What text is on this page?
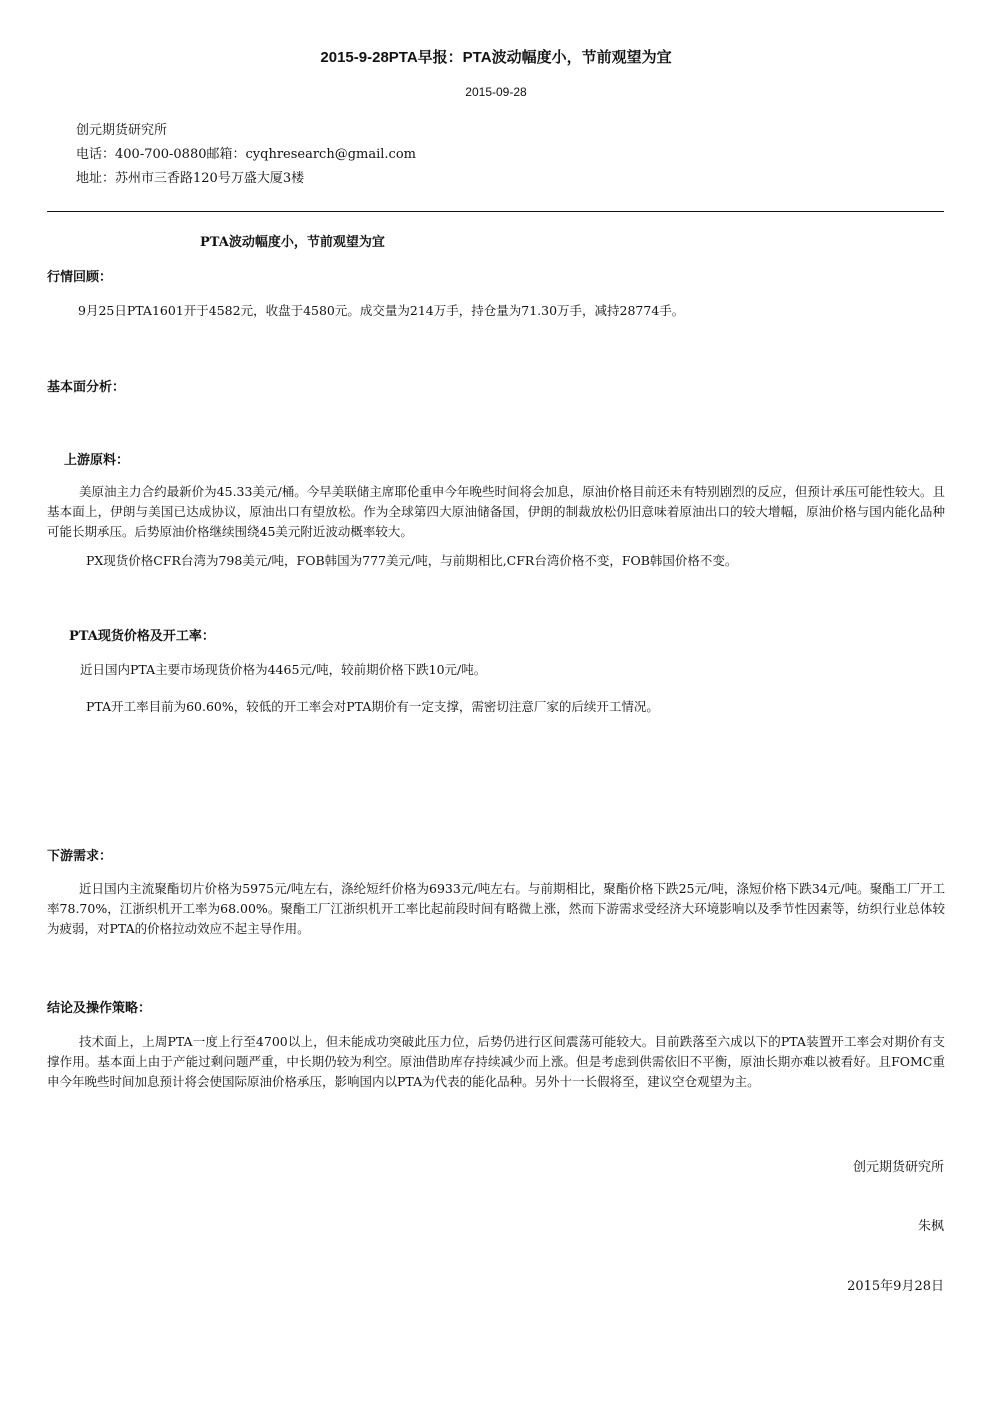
2015-9-28PTA早报：PTA波动幅度小，节前观望为宜
2015-09-28
创元期货研究所
电话：400-700-0880邮箱：cyqhresearch@gmail.com
地址：苏州市三香路120号万盛大厦3楼
PTA波动幅度小，节前观望为宜
行情回顾：
9月25日PTA1601开于4582元，收盘于4580元。成交量为214万手，持仓量为71.30万手，减持28774手。
基本面分析：
上游原料：
美原油主力合约最新价为45.33美元/桶。今早美联储主席耶伦重申今年晚些时间将会加息，原油价格目前还未有特别剧烈的反应，但预计承压可能性较大。且基本面上，伊朗与美国已达成协议，原油出口有望放松。作为全球第四大原油储备国，伊朗的制裁放松仍旧意味着原油出口的较大增幅，原油价格与国内能化品种可能长期承压。后势原油价格继续围绕45美元附近波动概率较大。
PX现货价格CFR台湾为798美元/吨，FOB韩国为777美元/吨，与前期相比,CFR台湾价格不变，FOB韩国价格不变。
PTA现货价格及开工率：
近日国内PTA主要市场现货价格为4465元/吨，较前期价格下跌10元/吨。
PTA开工率目前为60.60%，较低的开工率会对PTA期价有一定支撑，需密切注意厂家的后续开工情况。
下游需求：
近日国内主流聚酯切片价格为5975元/吨左右，涤纶短纤价格为6933元/吨左右。与前期相比，聚酯价格下跌25元/吨，涤短价格下跌34元/吨。聚酯工厂开工率78.70%，江浙织机开工率为68.00%。聚酯工厂江浙织机开工率比起前段时间有略微上涨，然而下游需求受经济大环境影响以及季节性因素等，纺织行业总体较为疲弱，对PTA的价格拉动效应不起主导作用。
结论及操作策略：
技术面上，上周PTA一度上行至4700以上，但未能成功突破此压力位，后势仍进行区间震荡可能较大。目前跌落至六成以下的PTA装置开工率会对期价有支撑作用。基本面上由于产能过剩问题严重，中长期仍较为利空。原油借助库存持续减少而上涨。但是考虑到供需依旧不平衡，原油长期亦难以被看好。且FOMC重申今年晚些时间加息预计将会使国际原油价格承压，影响国内以PTA为代表的能化品种。另外十一长假将至，建议空仓观望为主。
创元期货研究所
朱枫
2015年9月28日
